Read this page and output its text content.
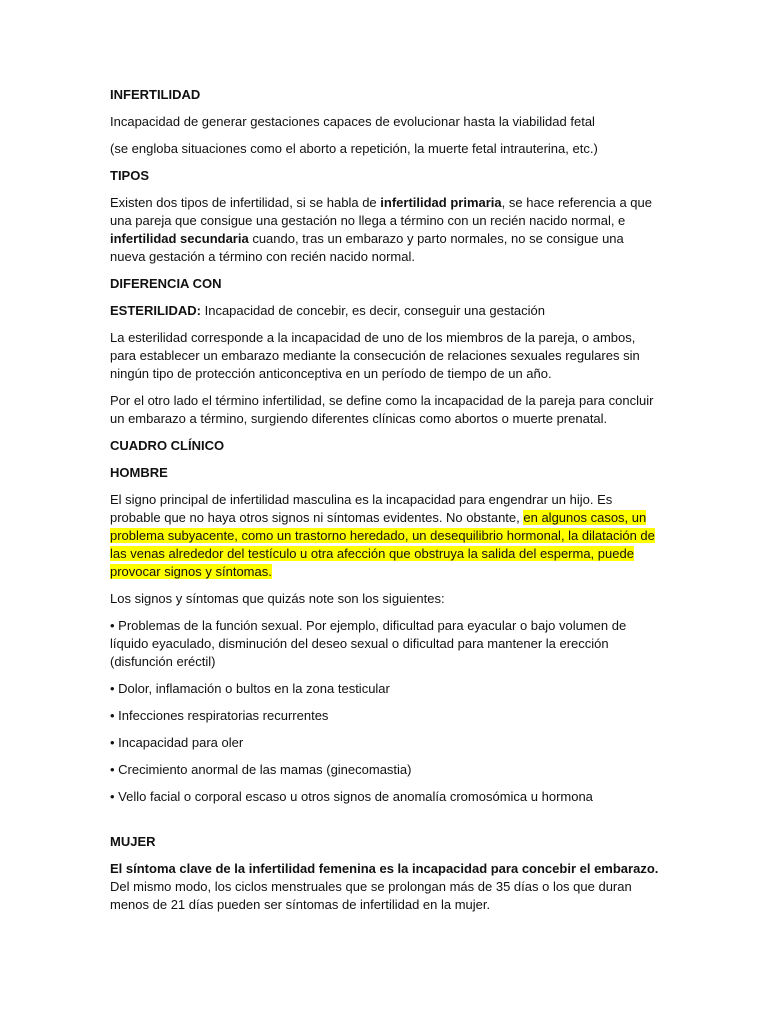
INFERTILIDAD

Incapacidad de generar gestaciones capaces de evolucionar hasta la viabilidad fetal

(se engloba situaciones como el aborto a repetición, la muerte fetal intrauterina, etc.)

TIPOS

Existen dos tipos de infertilidad, si se habla de infertilidad primaria, se hace referencia a que una pareja que consigue una gestación no llega a término con un recién nacido normal, e infertilidad secundaria cuando, tras un embarazo y parto normales, no se consigue una nueva gestación a término con recién nacido normal.

DIFERENCIA CON

ESTERILIDAD: Incapacidad de concebir, es decir, conseguir una gestación

La esterilidad corresponde a la incapacidad de uno de los miembros de la pareja, o ambos, para establecer un embarazo mediante la consecución de relaciones sexuales regulares sin ningún tipo de protección anticonceptiva en un período de tiempo de un año.

Por el otro lado el término infertilidad, se define como la incapacidad de la pareja para concluir un embarazo a término, surgiendo diferentes clínicas como abortos o muerte prenatal.

CUADRO CLÍNICO

HOMBRE

El signo principal de infertilidad masculina es la incapacidad para engendrar un hijo. Es probable que no haya otros signos ni síntomas evidentes. No obstante, en algunos casos, un problema subyacente, como un trastorno heredado, un desequilibrio hormonal, la dilatación de las venas alrededor del testículo u otra afección que obstruya la salida del esperma, puede provocar signos y síntomas.

Los signos y síntomas que quizás note son los siguientes:

• Problemas de la función sexual. Por ejemplo, dificultad para eyacular o bajo volumen de líquido eyaculado, disminución del deseo sexual o dificultad para mantener la erección (disfunción eréctil)

• Dolor, inflamación o bultos en la zona testicular

• Infecciones respiratorias recurrentes

• Incapacidad para oler

• Crecimiento anormal de las mamas (ginecomastia)

• Vello facial o corporal escaso u otros signos de anomalía cromosómica u hormona

MUJER

El síntoma clave de la infertilidad femenina es la incapacidad para concebir el embarazo. Del mismo modo, los ciclos menstruales que se prolongan más de 35 días o los que duran menos de 21 días pueden ser síntomas de infertilidad en la mujer.
